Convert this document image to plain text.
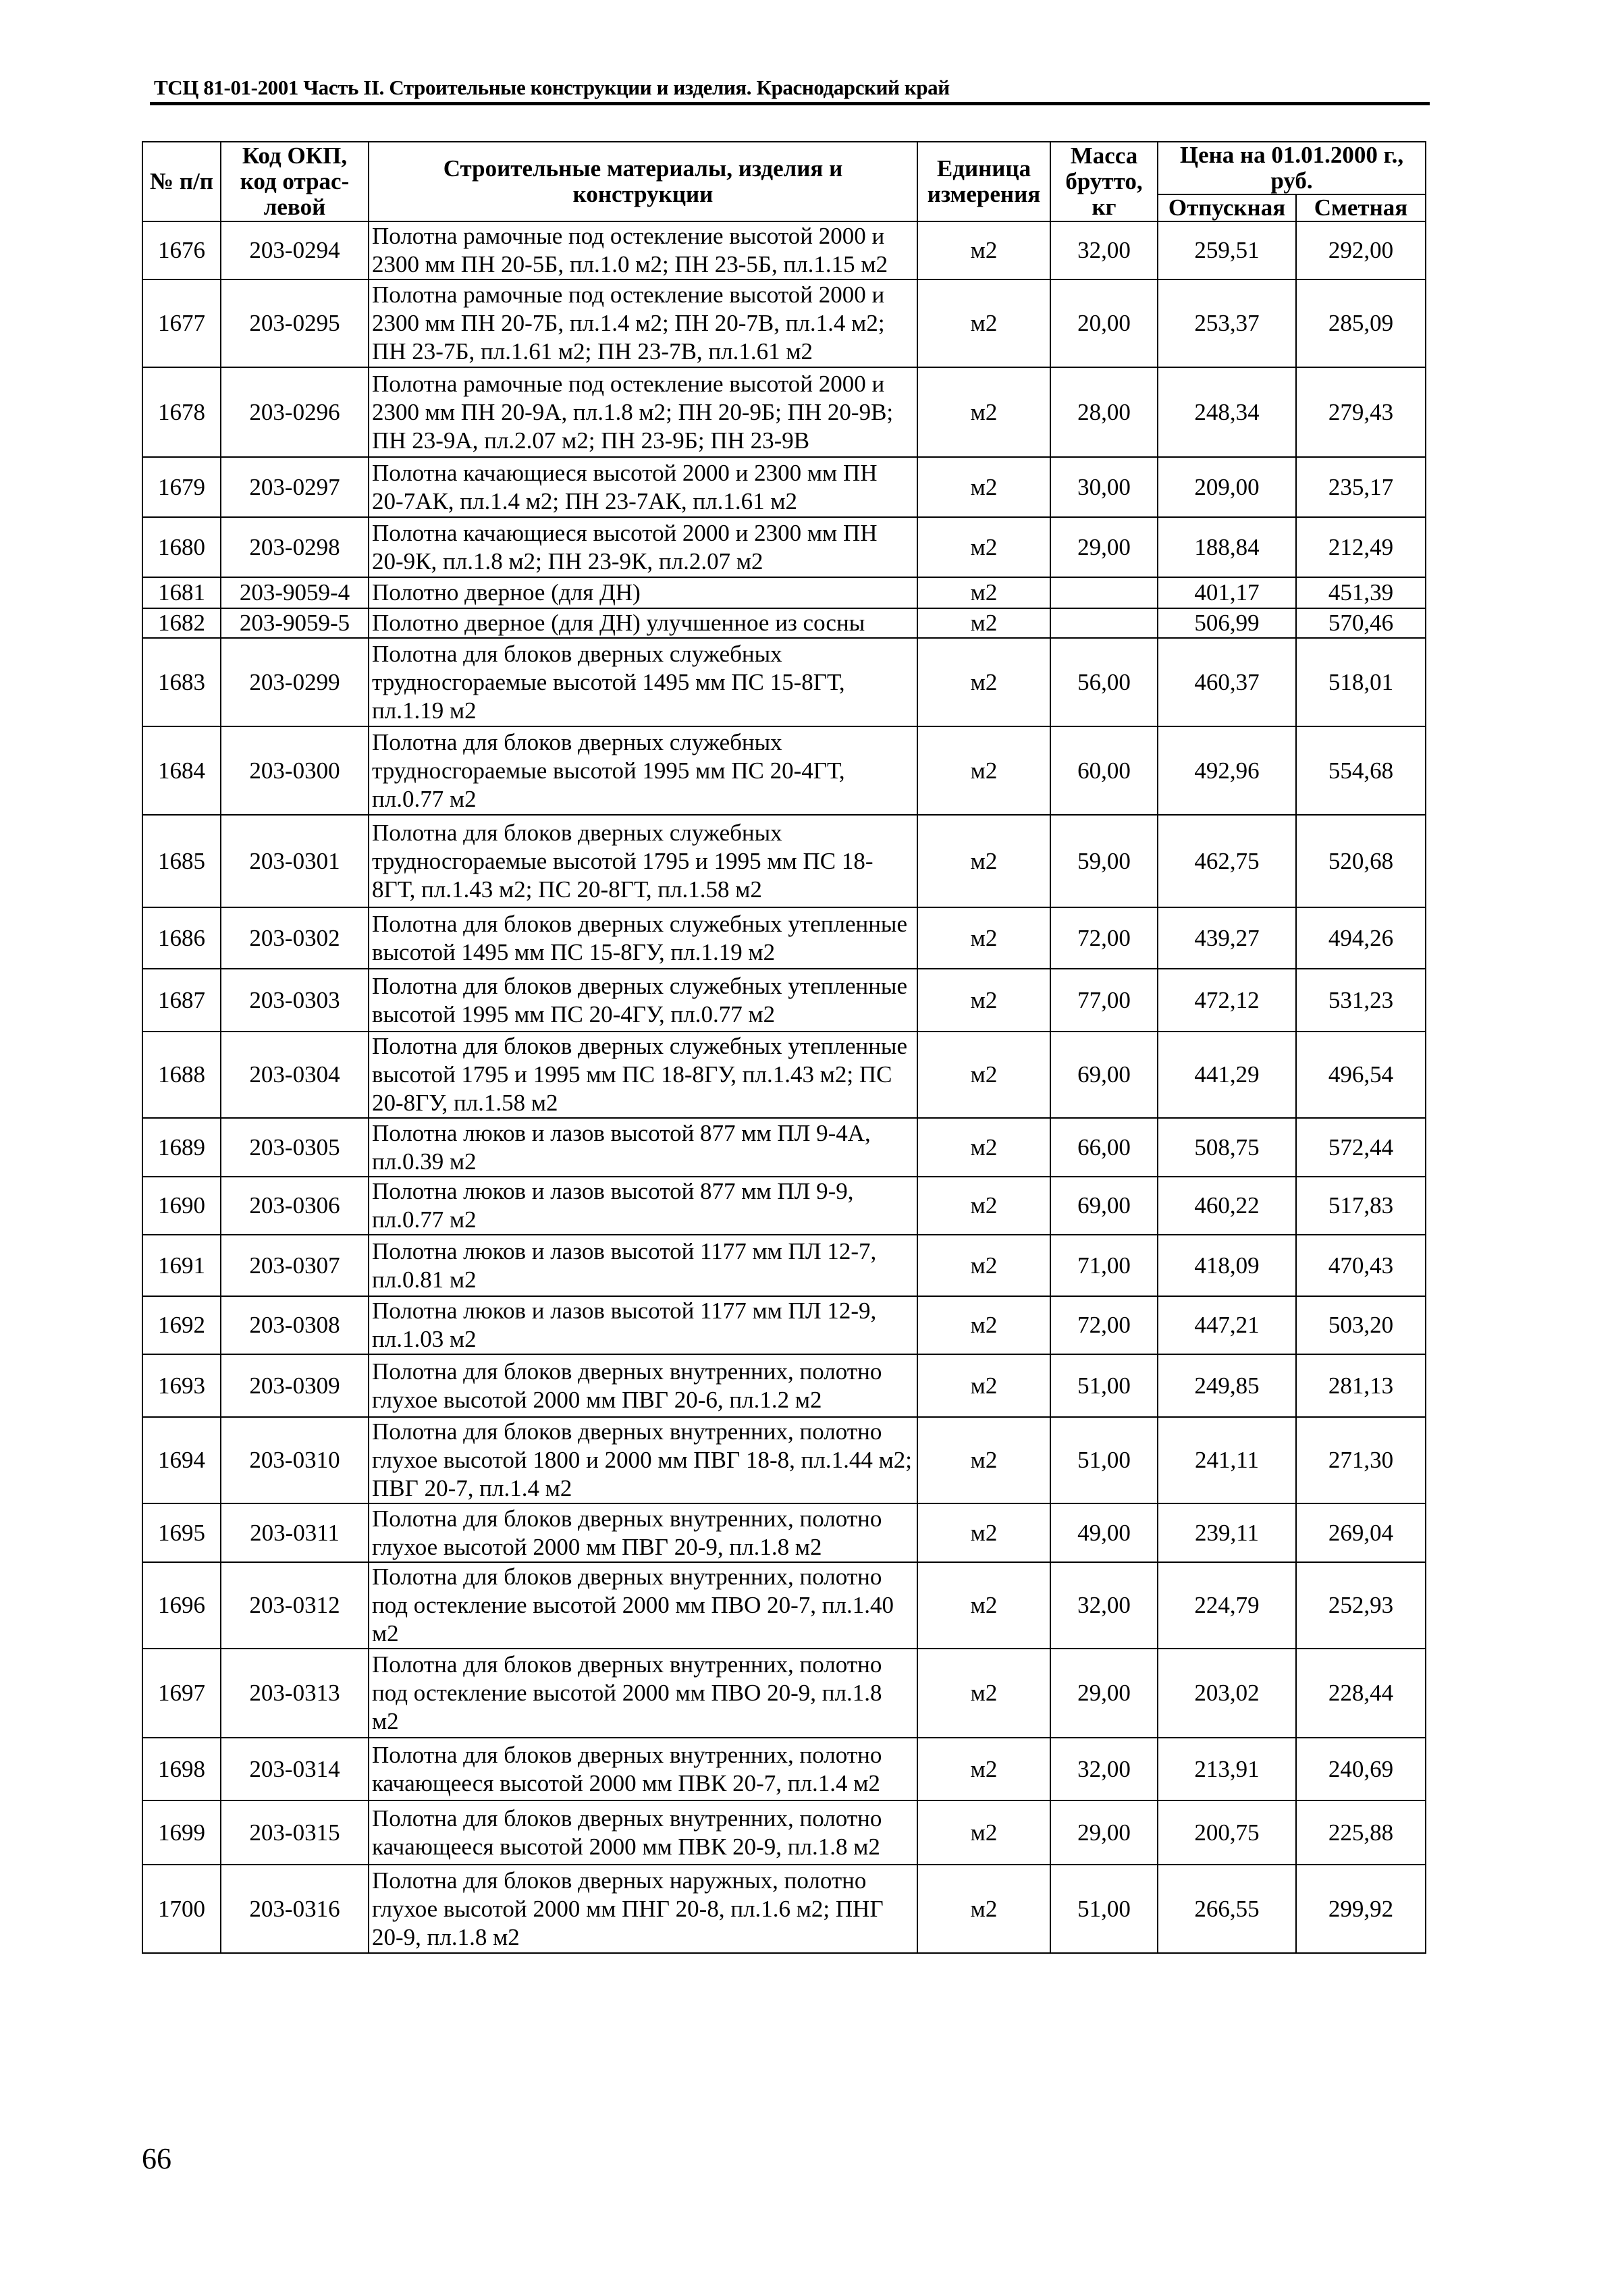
ТСЦ 81-01-2001 Часть II. Строительные конструкции и изделия. Краснодарский край
№ п/п	Код ОКП, код отрас-левой	Строительные материалы, изделия и конструкции	Единица измерения	Масса брутто, кг	Цена на 01.01.2000 г., руб.	
					Отпускная	Сметная
1676	203-0294	Полотна рамочные под остекление высотой 2000 и 2300 мм ПН 20-5Б, пл.1.0 м2; ПН 23-5Б, пл.1.15 м2	м2	32,00	259,51	292,00
1677	203-0295	Полотна рамочные под остекление высотой 2000 и 2300 мм ПН 20-7Б, пл.1.4 м2; ПН 20-7В, пл.1.4 м2; ПН 23-7Б, пл.1.61 м2; ПН 23-7В, пл.1.61 м2	м2	20,00	253,37	285,09
1678	203-0296	Полотна рамочные под остекление высотой 2000 и 2300 мм ПН 20-9А, пл.1.8 м2; ПН 20-9Б; ПН 20-9В; ПН 23-9А, пл.2.07 м2; ПН 23-9Б; ПН 23-9В	м2	28,00	248,34	279,43
1679	203-0297	Полотна качающиеся высотой 2000 и 2300 мм ПН 20-7АК, пл.1.4 м2; ПН 23-7АК, пл.1.61 м2	м2	30,00	209,00	235,17
1680	203-0298	Полотна качающиеся высотой 2000 и 2300 мм ПН 20-9К, пл.1.8 м2; ПН 23-9К, пл.2.07 м2	м2	29,00	188,84	212,49
1681	203-9059-4	Полотно дверное (для ДН)	м2		401,17	451,39
1682	203-9059-5	Полотно дверное (для ДН) улучшенное из сосны	м2		506,99	570,46
1683	203-0299	Полотна для блоков дверных служебных трудносгораемые высотой 1495 мм ПС 15-8ГТ, пл.1.19 м2	м2	56,00	460,37	518,01
1684	203-0300	Полотна для блоков дверных служебных трудносгораемые высотой 1995 мм ПС 20-4ГТ, пл.0.77 м2	м2	60,00	492,96	554,68
1685	203-0301	Полотна для блоков дверных служебных трудносгораемые высотой 1795 и 1995 мм ПС 18-8ГТ, пл.1.43 м2; ПС 20-8ГТ, пл.1.58 м2	м2	59,00	462,75	520,68
1686	203-0302	Полотна для блоков дверных служебных утепленные высотой 1495 мм ПС 15-8ГУ, пл.1.19 м2	м2	72,00	439,27	494,26
1687	203-0303	Полотна для блоков дверных служебных утепленные высотой 1995 мм ПС 20-4ГУ, пл.0.77 м2	м2	77,00	472,12	531,23
1688	203-0304	Полотна для блоков дверных служебных утепленные высотой 1795 и 1995 мм ПС 18-8ГУ, пл.1.43 м2; ПС 20-8ГУ, пл.1.58 м2	м2	69,00	441,29	496,54
1689	203-0305	Полотна люков и лазов высотой 877 мм ПЛ 9-4А, пл.0.39 м2	м2	66,00	508,75	572,44
1690	203-0306	Полотна люков и лазов высотой 877 мм ПЛ 9-9, пл.0.77 м2	м2	69,00	460,22	517,83
1691	203-0307	Полотна люков и лазов высотой 1177 мм ПЛ 12-7, пл.0.81 м2	м2	71,00	418,09	470,43
1692	203-0308	Полотна люков и лазов высотой 1177 мм ПЛ 12-9, пл.1.03 м2	м2	72,00	447,21	503,20
1693	203-0309	Полотна для блоков дверных внутренних, полотно глухое высотой 2000 мм ПВГ 20-6, пл.1.2 м2	м2	51,00	249,85	281,13
1694	203-0310	Полотна для блоков дверных внутренних, полотно глухое высотой 1800 и 2000 мм ПВГ 18-8, пл.1.44 м2; ПВГ 20-7, пл.1.4 м2	м2	51,00	241,11	271,30
1695	203-0311	Полотна для блоков дверных внутренних, полотно глухое высотой 2000 мм ПВГ 20-9, пл.1.8 м2	м2	49,00	239,11	269,04
1696	203-0312	Полотна для блоков дверных внутренних, полотно под остекление высотой 2000 мм ПВО 20-7, пл.1.40 м2	м2	32,00	224,79	252,93
1697	203-0313	Полотна для блоков дверных внутренних, полотно под остекление высотой 2000 мм ПВО 20-9, пл.1.8 м2	м2	29,00	203,02	228,44
1698	203-0314	Полотна для блоков дверных внутренних, полотно качающееся высотой 2000 мм ПВК 20-7, пл.1.4 м2	м2	32,00	213,91	240,69
1699	203-0315	Полотна для блоков дверных внутренних, полотно качающееся высотой 2000 мм ПВК 20-9, пл.1.8 м2	м2	29,00	200,75	225,88
1700	203-0316	Полотна для блоков дверных наружных, полотно глухое высотой 2000 мм ПНГ 20-8, пл.1.6 м2; ПНГ 20-9, пл.1.8 м2	м2	51,00	266,55	299,92
66
